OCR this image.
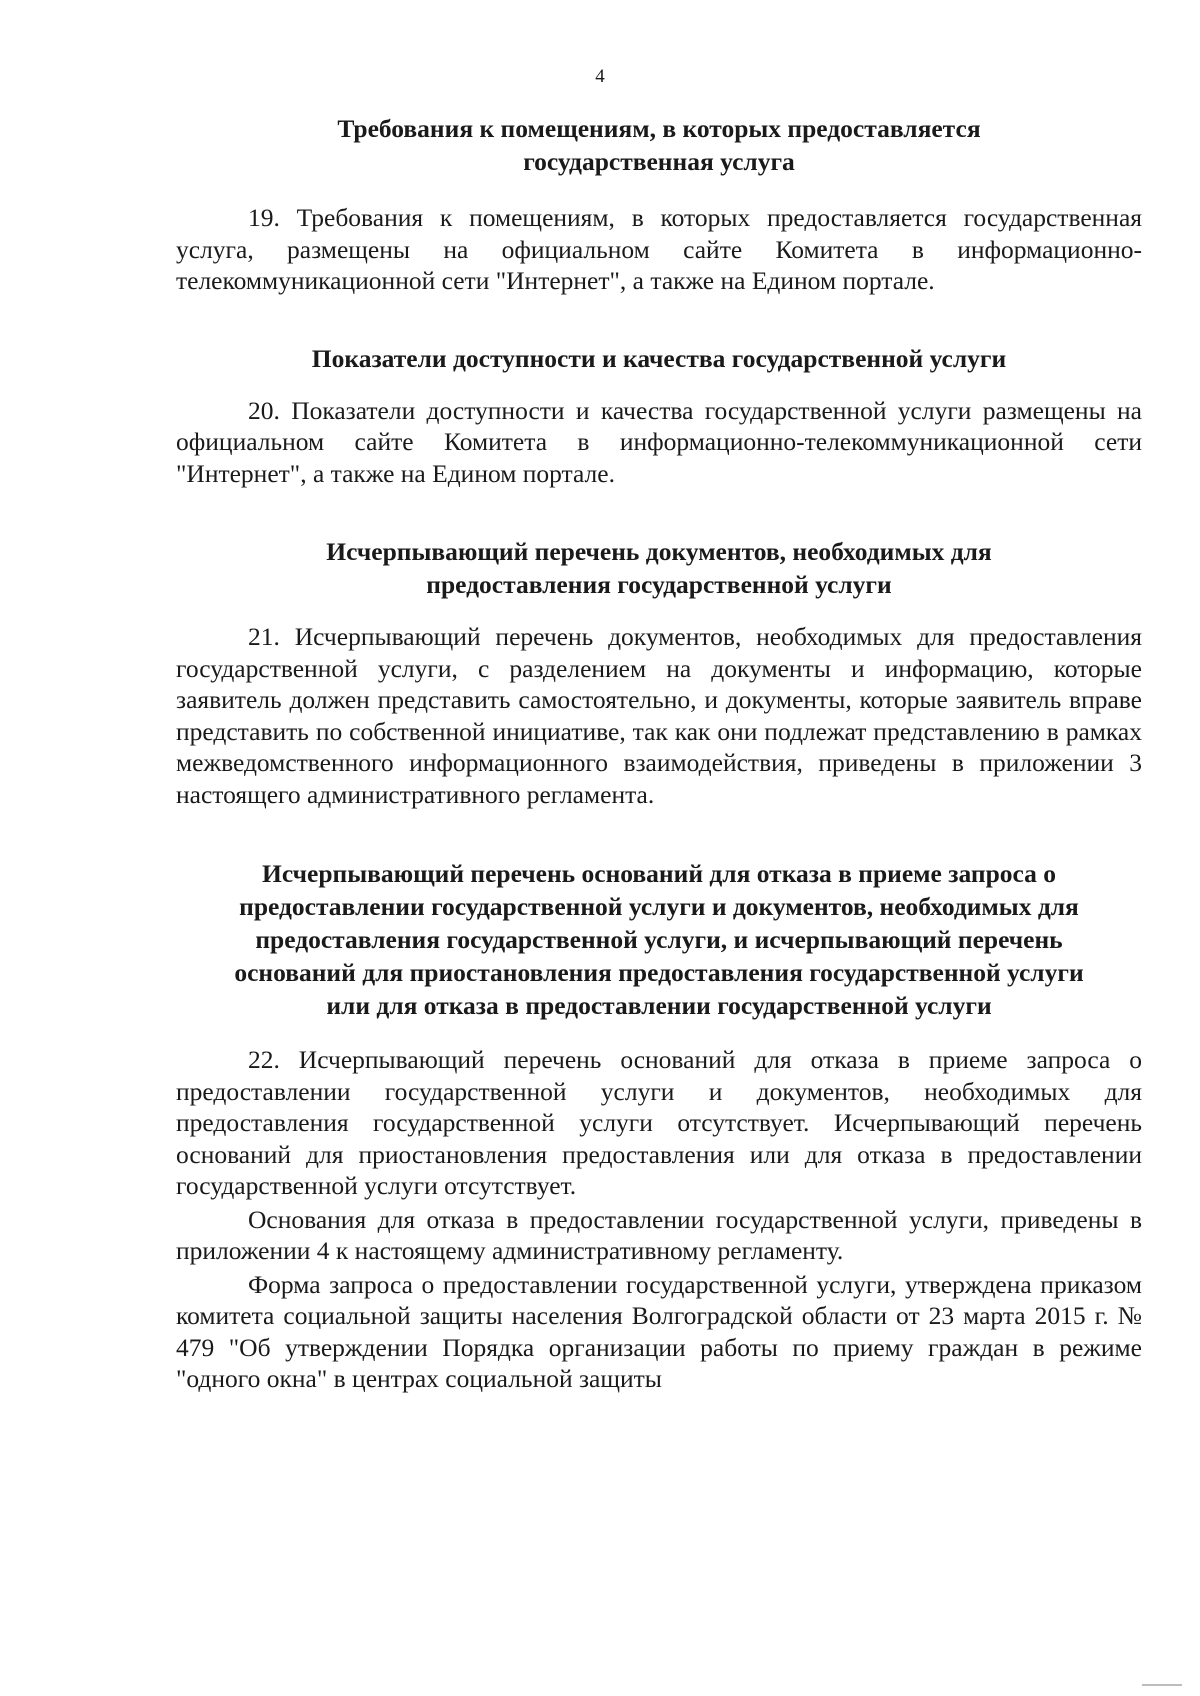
4
Требования к помещениям, в которых предоставляется государственная услуга

19. Требования к помещениям, в которых предоставляется государственная услуга, размещены на официальном сайте Комитета в информационно-телекоммуникационной сети "Интернет", а также на Едином портале.

Показатели доступности и качества государственной услуги

20. Показатели доступности и качества государственной услуги размещены на официальном сайте Комитета в информационно-телекоммуникационной сети "Интернет", а также на Едином портале.

Исчерпывающий перечень документов, необходимых для предоставления государственной услуги

21. Исчерпывающий перечень документов, необходимых для предоставления государственной услуги, с разделением на документы и информацию, которые заявитель должен представить самостоятельно, и документы, которые заявитель вправе представить по собственной инициативе, так как они подлежат представлению в рамках межведомственного информационного взаимодействия, приведены в приложении 3 настоящего административного регламента.

Исчерпывающий перечень оснований для отказа в приеме запроса о предоставлении государственной услуги и документов, необходимых для предоставления государственной услуги, и исчерпывающий перечень оснований для приостановления предоставления государственной услуги или для отказа в предоставлении государственной услуги

22. Исчерпывающий перечень оснований для отказа в приеме запроса о предоставлении государственной услуги и документов, необходимых для предоставления государственной услуги отсутствует. Исчерпывающий перечень оснований для приостановления предоставления или для отказа в предоставлении государственной услуги отсутствует.

Основания для отказа в предоставлении государственной услуги, приведены в приложении 4 к настоящему административному регламенту.

Форма запроса о предоставлении государственной услуги, утверждена приказом комитета социальной защиты населения Волгоградской области от 23 марта 2015 г. № 479 "Об утверждении Порядка организации работы по приему граждан в режиме "одного окна" в центрах социальной защиты
